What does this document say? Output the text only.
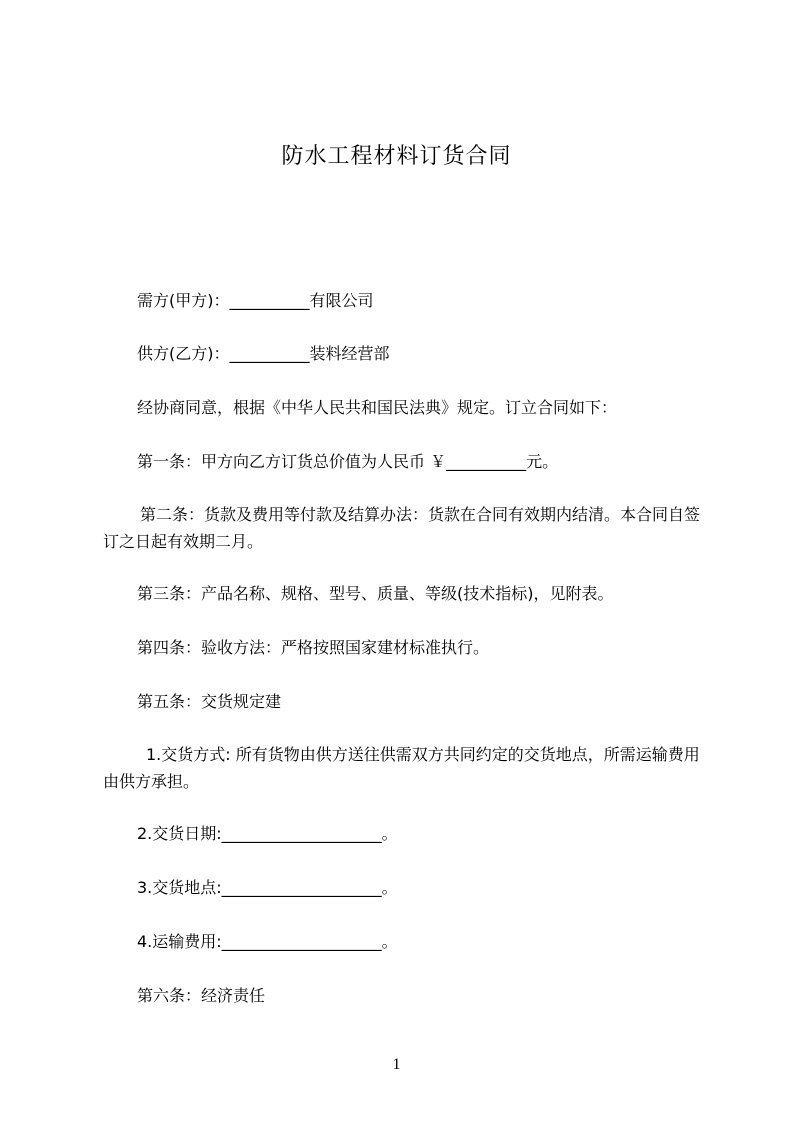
防水工程材料订货合同
需方(甲方)：__________有限公司
供方(乙方)：__________装料经营部
经协商同意，根据《中华人民共和国民法典》规定。订立合同如下：
第一条：甲方向乙方订货总价值为人民币 ￥__________元。
第二条：货款及费用等付款及结算办法：货款在合同有效期内结清。本合同自签
订之日起有效期二月。
第三条：产品名称、规格、型号、质量、等级(技术指标)，见附表。
第四条：验收方法：严格按照国家建材标准执行。
第五条：交货规定建
1.交货方式: 所有货物由供方送往供需双方共同约定的交货地点，所需运输费用
由供方承担。
2.交货日期:____________________。
3.交货地点:____________________。
4.运输费用:____________________。
第六条：经济责任
1
